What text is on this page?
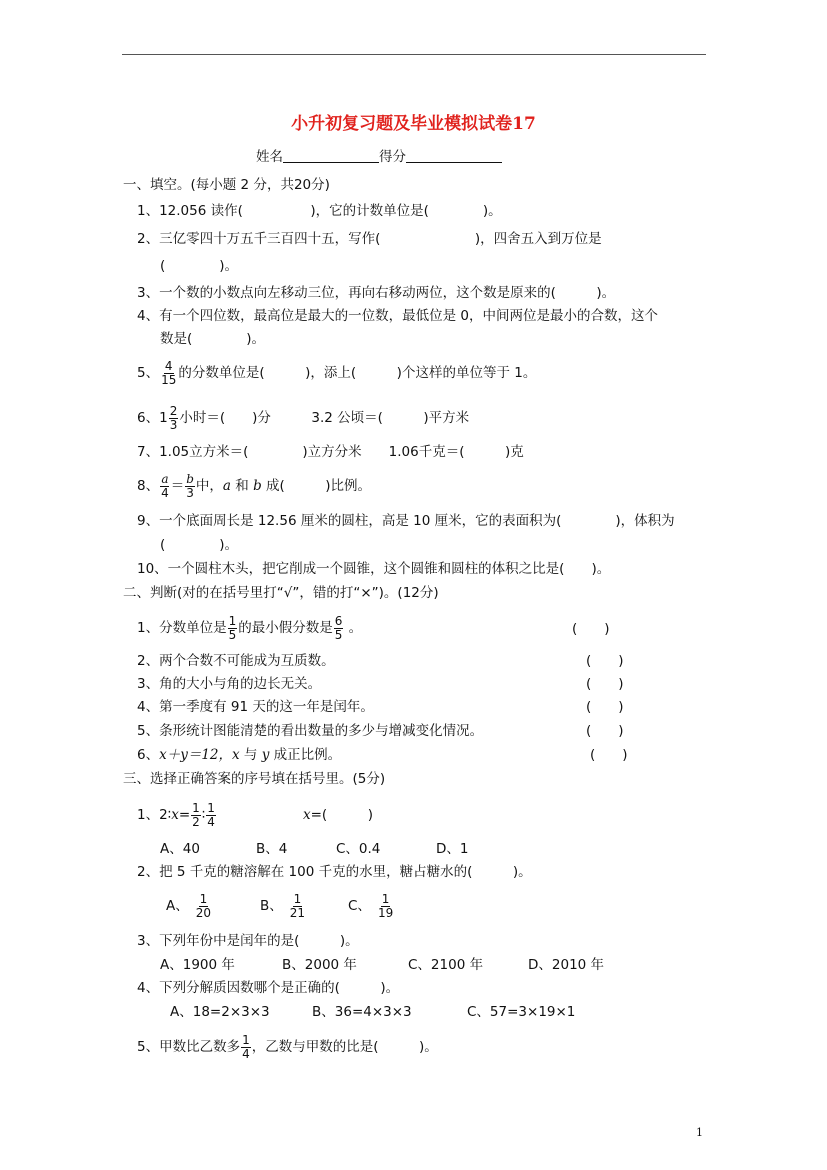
小升初复习题及毕业模拟试卷17
姓名	得分
一、填空。(每小题 2 分，共20分)
1、12.056 读作(　　　　　)，它的计数单位是(　　　　)。
2、三亿零四十万五千三百四十五，写作(　　　　　　　)，四舍五入到万位是
(　　　　)。
3、一个数的小数点向左移动三位，再向右移动两位，这个数是原来的(　　　)。
4、有一个四位数，最高位是最大的一位数，最低位是 0，中间两位是最小的合数，这个
数是(　　　　)。
5、 $\frac{4}{15}$ 的分数单位是(　　　)，添上(　　　)个这样的单位等于 1。
6、$1 \frac{2}{3}$ 小时＝(　　)分　　　3.2 公顷＝(　　　)平方米
7、1.05立方米＝(　　　　)立方分米　　1.06千克＝(　　　)克
8、 $\frac{a}{4} = \frac{b}{3}$ 中，a 和 b 成(　　　)比例。
9、一个底面周长是 12.56 厘米的圆柱，高是 10 厘米，它的表面积为(　　　　)，体积为
(　　　　)。
10、一个圆柱木头，把它削成一个圆锥，这个圆锥和圆柱的体积之比是(　　)。
二、判断(对的在括号里打“√”，错的打“×”)。(12分)
1、分数单位是 $\frac{1}{5}$ 的最小假分数是 $\frac{6}{5}$ 。	(　　)
2、两个合数不可能成为互质数。	(　　)
3、角的大小与角的边长无关。	(　　)
4、第一季度有 91 天的这一年是闰年。	(　　)
5、条形统计图能清楚的看出数量的多少与增减变化情况。	(　　)
6、x＋y＝12，x 与 y 成正比例。	(　　)
三、选择正确答案的序号填在括号里。(5分)
1、2∶x= $\frac{1}{2}$ ∶ $\frac{1}{4}$	x=(　　　)
A、40	B、4	C、0.4	D、1
2、把 5 千克的糖溶解在 100 千克的水里，糖占糖水的(　　　)。
A、 $\frac{1}{20}$	B、 $\frac{1}{21}$	C、 $\frac{1}{19}$
3、下列年份中是闰年的是(　　　)。
A、1900 年	B、2000 年	C、2100 年	D、2010 年
4、下列分解质因数哪个是正确的(　　　)。
A、18=2×3×3	B、36=4×3×3	C、57=3×19×1
5、甲数比乙数多 $\frac{1}{4}$ ，乙数与甲数的比是(　　　)。
1
